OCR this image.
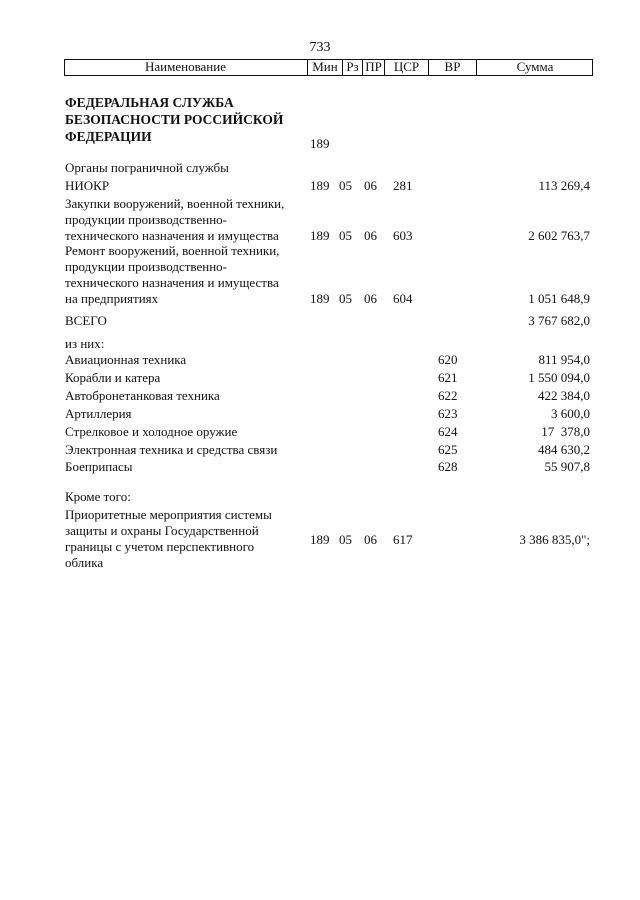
733
Наименование	Мин Рз ПР ЦСР	ВР	Сумма
ФЕДЕРАЛЬНАЯ СЛУЖБА
БЕЗОПАСНОСТИ РОССИЙСКОЙ
ФЕДЕРАЦИИ	189
Органы пограничной службы
НИОКР	189 05 06 281	113 269,4
Закупки вооружений, военной техники,
продукции производственно-
технического назначения и имущества 189 05 06 603	2 602 763,7
Ремонт вооружений, военной техники,
продукции производственно-
технического назначения и имущества
на предприятиях	189 05 06 604	1 051 648,9
ВСЕГО	3 767 682,0
из них:
Авиационная техника	620	811 954,0
Корабли и катера	621	1 550 094,0
Автобронетанковая техника	622	422 384,0
Артиллерия	623	3 600,0
Стрелковое и холодное оружие	624	17  378,0
Электронная техника и средства связи	625	484 630,2
Боеприпасы	628	55 907,8
Кроме того:
Приоритетные мероприятия системы
защиты и охраны Государственной
границы с учетом перспективного
облика
189 05 06 617	3 386 835,0";
